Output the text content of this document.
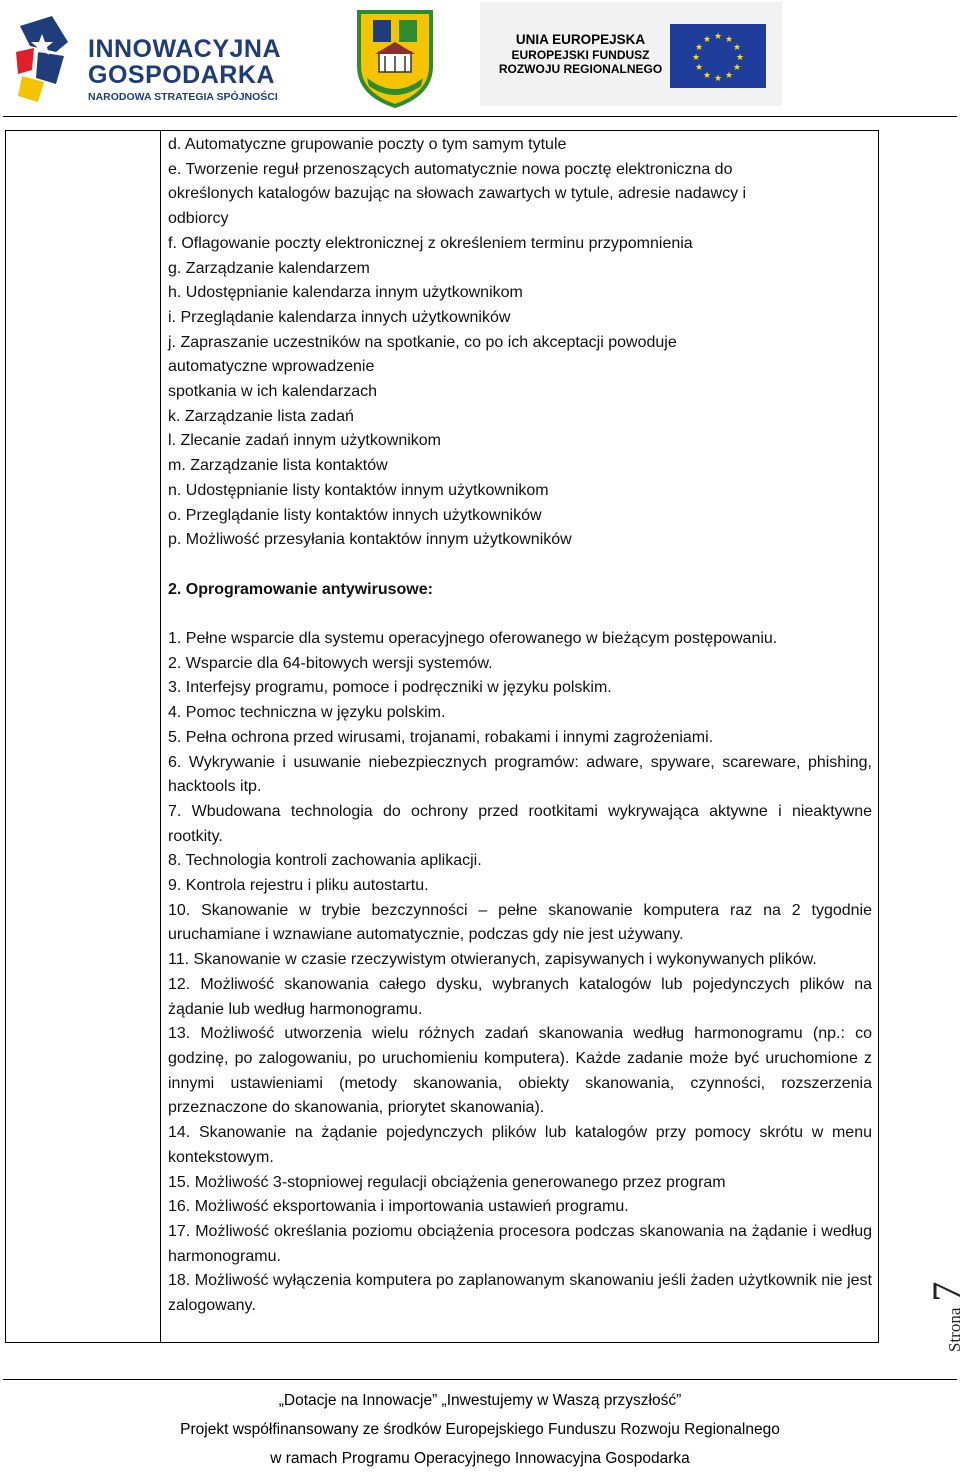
INNOWACYJNA
GOSPODARKA
NARODOWA STRATEGIA SPÓJNOŚCI
UNIA EUROPEJSKA
EUROPEJSKI FUNDUSZ
ROZWOJU REGIONALNEGO
★ ★
★
★
★
★
★
★
★
★
★
★

d. Automatyczne grupowanie poczty o tym samym tytule

e. Tworzenie reguł przenoszących automatycznie nowa pocztę elektroniczna do

określonych katalogów bazując na słowach zawartych w tytule, adresie nadawcy i

odbiorcy

f. Oflagowanie poczty elektronicznej z określeniem terminu przypomnienia

g. Zarządzanie kalendarzem

h. Udostępnianie kalendarza innym użytkownikom

i. Przeglądanie kalendarza innych użytkowników

j. Zapraszanie uczestników na spotkanie, co po ich akceptacji powoduje

automatyczne wprowadzenie

spotkania w ich kalendarzach

k. Zarządzanie lista zadań

l. Zlecanie zadań innym użytkownikom

m. Zarządzanie lista kontaktów

n. Udostępnianie listy kontaktów innym użytkownikom

o. Przeglądanie listy kontaktów innych użytkowników

p. Możliwość przesyłania kontaktów innym użytkowników

2. Oprogramowanie antywirusowe:

1. Pełne wsparcie dla systemu operacyjnego oferowanego w bieżącym postępowaniu.

2. Wsparcie dla 64-bitowych wersji systemów.

3. Interfejsy programu, pomoce i podręczniki w języku polskim.

4. Pomoc techniczna w języku polskim.

5. Pełna ochrona przed wirusami, trojanami, robakami i innymi zagrożeniami.

6. Wykrywanie i usuwanie niebezpiecznych programów: adware, spyware, scareware, phishing, hacktools itp.

7. Wbudowana technologia do ochrony przed rootkitami wykrywająca aktywne i nieaktywne rootkity.

8. Technologia kontroli zachowania aplikacji.

9. Kontrola rejestru i pliku autostartu.

10. Skanowanie w trybie bezczynności – pełne skanowanie komputera raz na 2 tygodnie uruchamiane i wznawiane automatycznie, podczas gdy nie jest używany.

11. Skanowanie w czasie rzeczywistym otwieranych, zapisywanych i wykonywanych plików.

12. Możliwość skanowania całego dysku, wybranych katalogów lub pojedynczych plików na żądanie lub według harmonogramu.

13. Możliwość utworzenia wielu różnych zadań skanowania według harmonogramu (np.: co godzinę, po zalogowaniu, po uruchomieniu komputera). Każde zadanie może być uruchomione z innymi ustawieniami (metody skanowania, obiekty skanowania, czynności, rozszerzenia przeznaczone do skanowania, priorytet skanowania).

14. Skanowanie na żądanie pojedynczych plików lub katalogów przy pomocy skrótu w menu kontekstowym.

15. Możliwość 3-stopniowej regulacji obciążenia generowanego przez program

16. Możliwość eksportowania i importowania ustawień programu.

17. Możliwość określania poziomu obciążenia procesora podczas skanowania na żądanie i według harmonogramu.

18. Możliwość wyłączenia komputera po zaplanowanym skanowaniu jeśli żaden użytkownik nie jest zalogowany.

Strona7
„Dotacje na Innowacje” „Inwestujemy w Waszą przyszłość”
Projekt współfinansowany ze środków Europejskiego Funduszu Rozwoju Regionalnego
w ramach Programu Operacyjnego Innowacyjna Gospodarka
